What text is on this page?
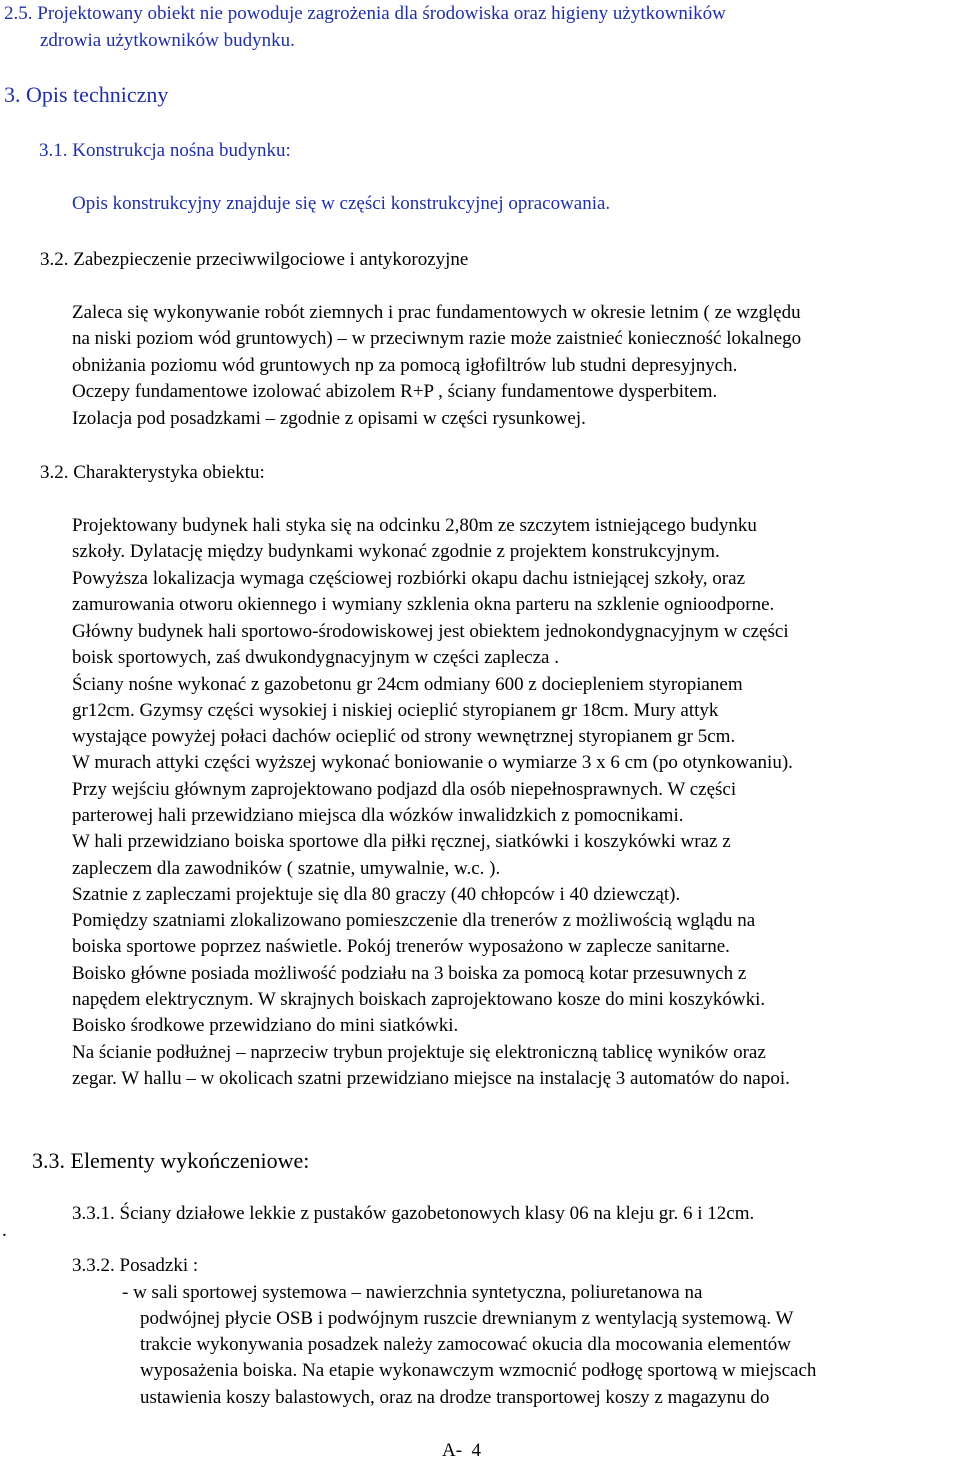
2.5. Projektowany obiekt nie powoduje zagrożenia dla środowiska oraz higieny użytkowników
zdrowia użytkowników budynku.
3. Opis techniczny
3.1. Konstrukcja nośna budynku:
Opis konstrukcyjny znajduje się w części konstrukcyjnej opracowania.
3.2. Zabezpieczenie przeciwwilgociowe i antykorozyjne
Zaleca się wykonywanie robót ziemnych i prac fundamentowych w okresie letnim ( ze względu
na niski poziom wód gruntowych) – w przeciwnym razie może zaistnieć konieczność lokalnego
obniżania poziomu wód gruntowych np za pomocą igłofiltrów lub studni depresyjnych.
Oczepy fundamentowe izolować abizolem R+P , ściany fundamentowe dysperbitem.
Izolacja pod posadzkami – zgodnie z opisami w części rysunkowej.
3.2. Charakterystyka obiektu:
Projektowany budynek hali styka się na odcinku 2,80m ze szczytem istniejącego budynku
szkoły. Dylatację między budynkami wykonać zgodnie z projektem konstrukcyjnym.
Powyższa lokalizacja wymaga częściowej rozbiórki okapu dachu istniejącej szkoły, oraz
zamurowania otworu okiennego i wymiany szklenia okna parteru na szklenie ognioodporne.
Główny budynek hali sportowo-środowiskowej jest obiektem jednokondygnacyjnym w części
boisk sportowych, zaś dwukondygnacyjnym w części zaplecza .
Ściany nośne wykonać z gazobetonu gr 24cm odmiany 600 z dociepleniem styropianem
gr12cm. Gzymsy części wysokiej i niskiej ocieplić styropianem gr 18cm. Mury attyk
wystające powyżej połaci dachów ocieplić od strony wewnętrznej styropianem gr 5cm.
W murach attyki części wyższej wykonać boniowanie o wymiarze 3 x 6 cm (po otynkowaniu).
Przy wejściu głównym zaprojektowano podjazd dla osób niepełnosprawnych. W części
parterowej hali przewidziano miejsca dla wózków inwalidzkich z pomocnikami.
W hali przewidziano boiska sportowe dla piłki ręcznej, siatkówki i koszykówki wraz z
zapleczem dla zawodników ( szatnie, umywalnie, w.c. ).
Szatnie z zapleczami projektuje się dla 80 graczy (40 chłopców i 40 dziewcząt).
Pomiędzy szatniami zlokalizowano pomieszczenie dla trenerów z możliwością wglądu na
boiska sportowe poprzez naświetle. Pokój trenerów wyposażono w zaplecze sanitarne.
Boisko główne posiada możliwość podziału na 3 boiska za pomocą kotar przesuwnych z
napędem elektrycznym. W skrajnych boiskach zaprojektowano kosze do mini koszykówki.
Boisko środkowe przewidziano do mini siatkówki.
Na ścianie podłużnej – naprzeciw trybun projektuje się elektroniczną tablicę wyników oraz
zegar. W hallu – w okolicach szatni przewidziano miejsce na instalację 3 automatów do napoi.
3.3. Elementy wykończeniowe:
.
3.3.1. Ściany działowe lekkie z pustaków gazobetonowych klasy 06 na kleju gr. 6 i 12cm.
3.3.2. Posadzki :
- w sali sportowej systemowa – nawierzchnia syntetyczna, poliuretanowa na
podwójnej płycie OSB i podwójnym ruszcie drewnianym z wentylacją systemową. W
trakcie wykonywania posadzek należy zamocować okucia dla mocowania elementów
wyposażenia boiska. Na etapie wykonawczym wzmocnić podłogę sportową w miejscach
ustawienia koszy balastowych, oraz na drodze transportowej koszy z magazynu do
A-  4
